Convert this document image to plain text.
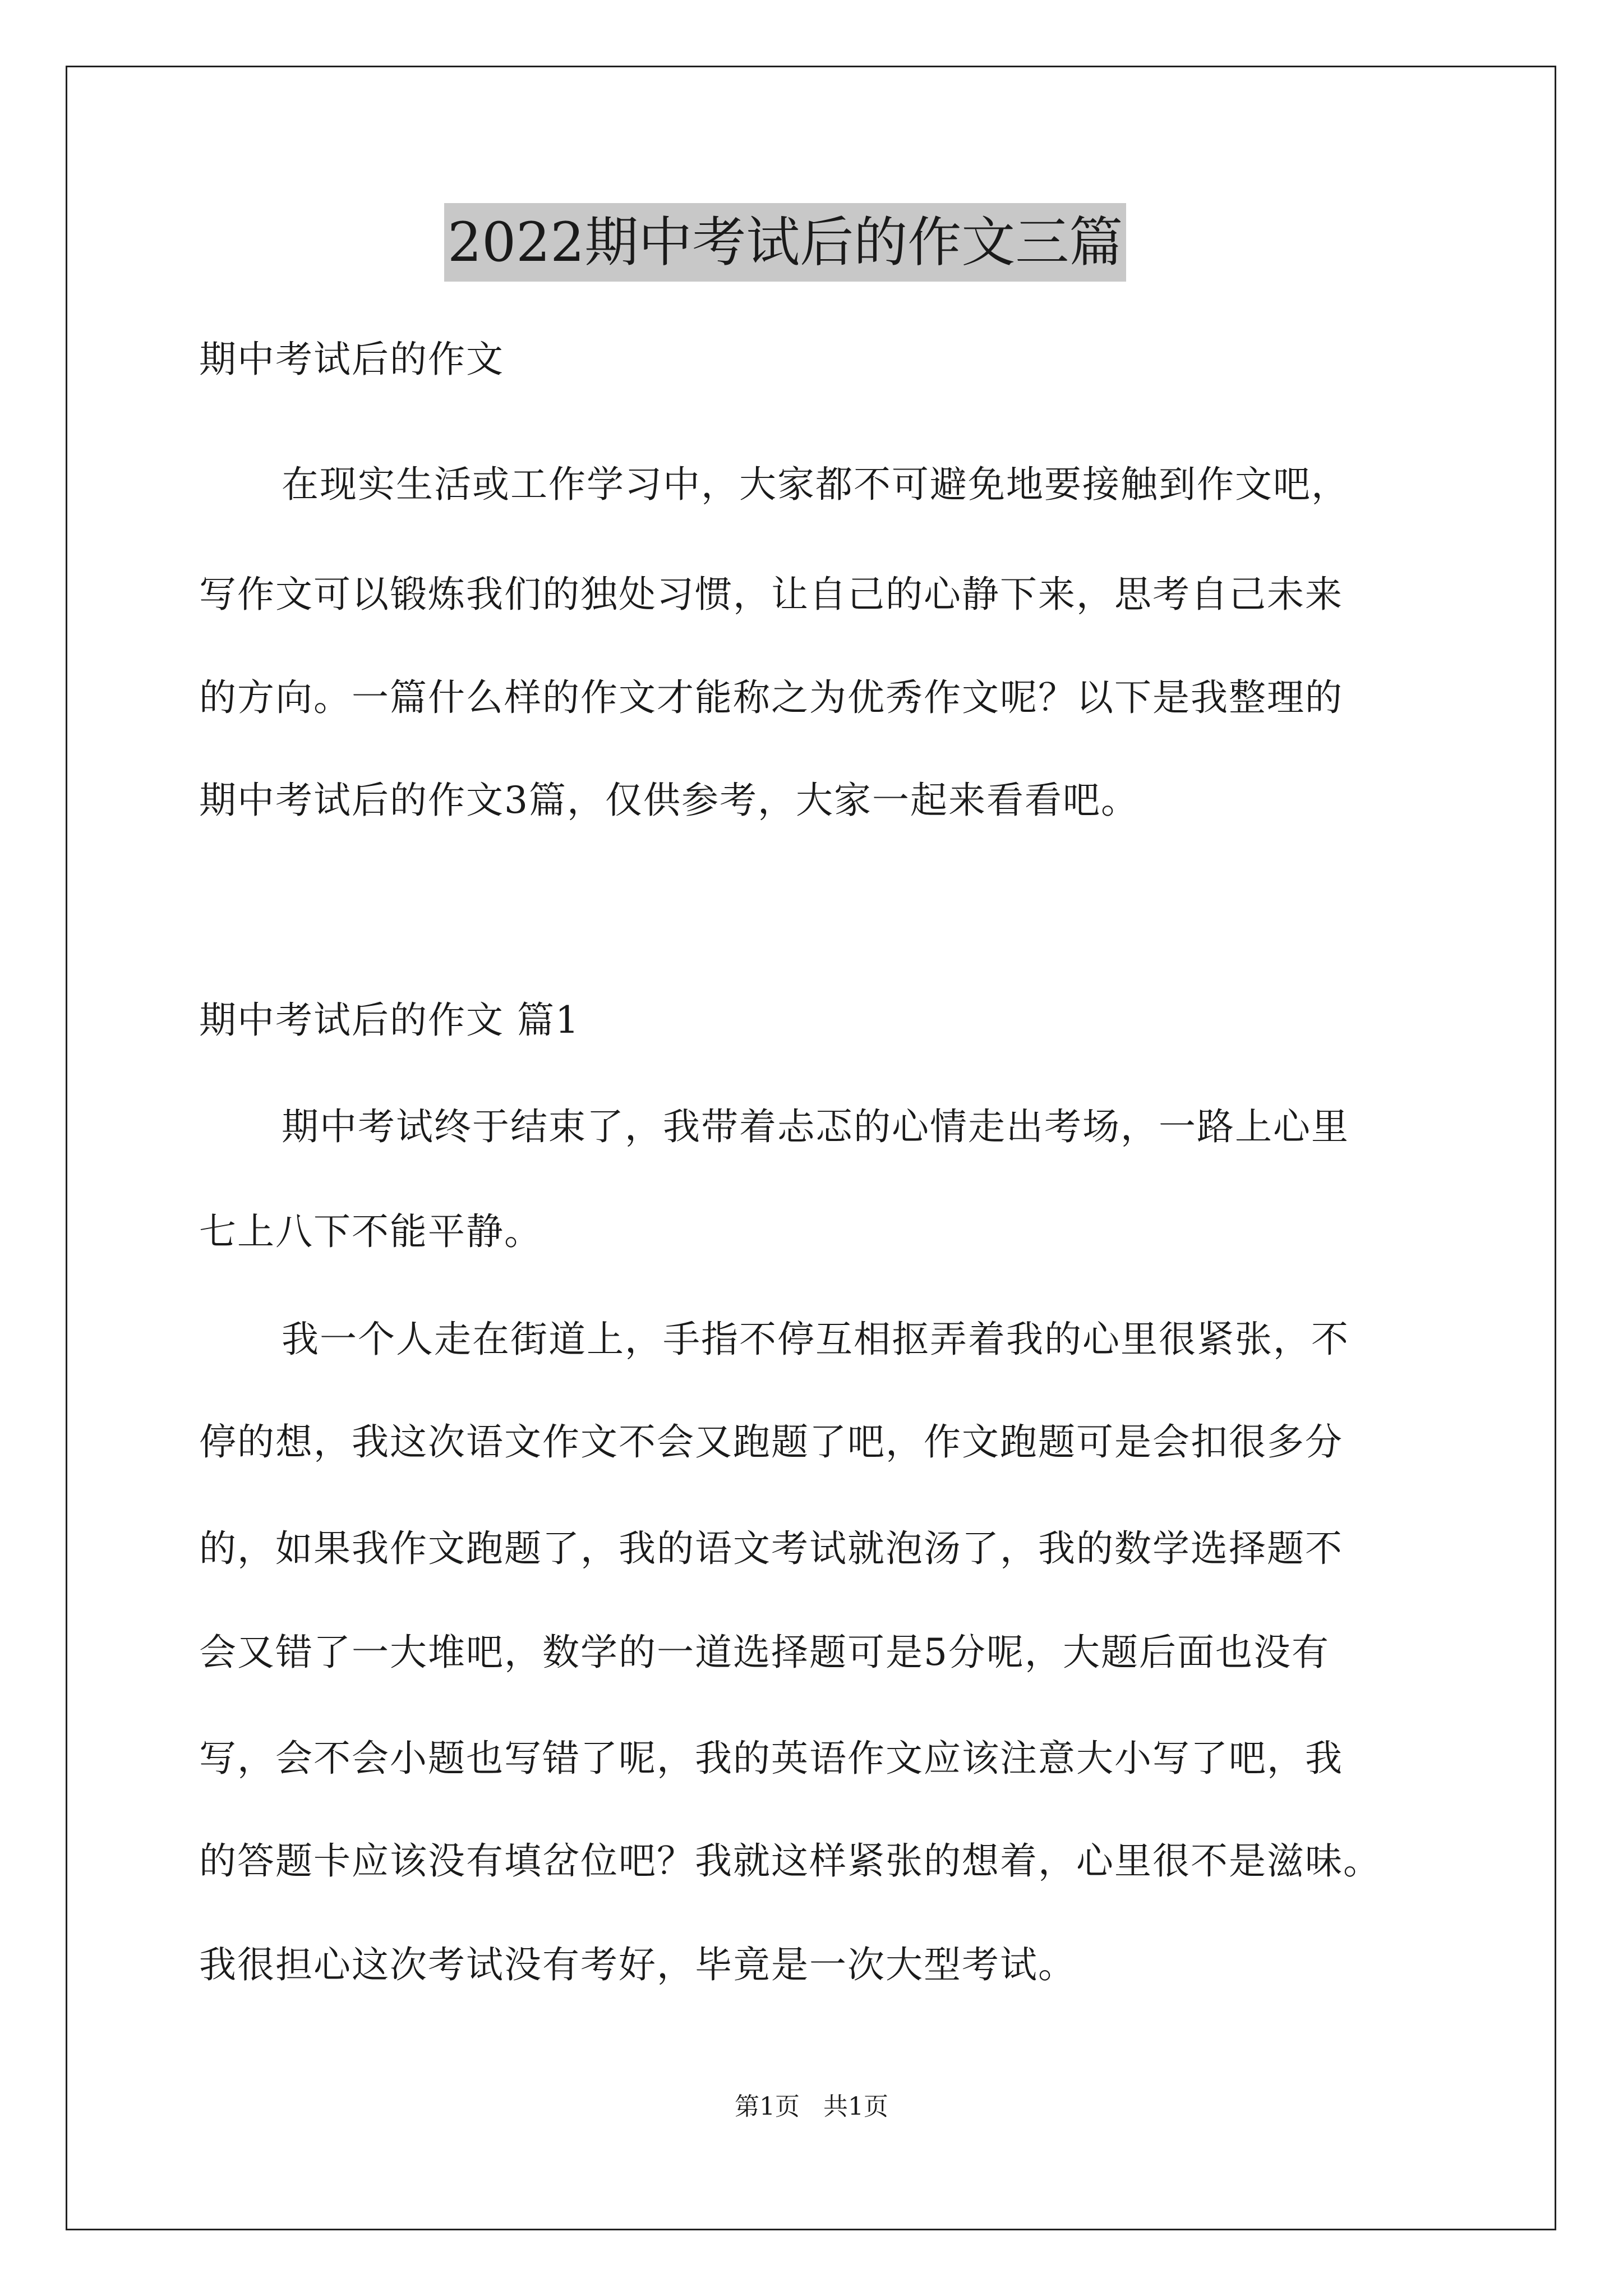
2022期中考试后的作文三篇
期中考试后的作文
在现实生活或工作学习中，大家都不可避免地要接触到作文吧，
写作文可以锻炼我们的独处习惯，让自己的心静下来，思考自己未来
的方向。一篇什么样的作文才能称之为优秀作文呢？以下是我整理的
期中考试后的作文3篇，仅供参考，大家一起来看看吧。
期中考试后的作文 篇1
期中考试终于结束了，我带着忐忑的心情走出考场，一路上心里
七上八下不能平静。
我一个人走在街道上，手指不停互相抠弄着我的心里很紧张，不
停的想，我这次语文作文不会又跑题了吧，作文跑题可是会扣很多分
的，如果我作文跑题了，我的语文考试就泡汤了，我的数学选择题不
会又错了一大堆吧，数学的一道选择题可是5分呢，大题后面也没有
写，会不会小题也写错了呢，我的英语作文应该注意大小写了吧，我
的答题卡应该没有填岔位吧？我就这样紧张的想着，心里很不是滋味。
我很担心这次考试没有考好，毕竟是一次大型考试。
第1页   共1页
